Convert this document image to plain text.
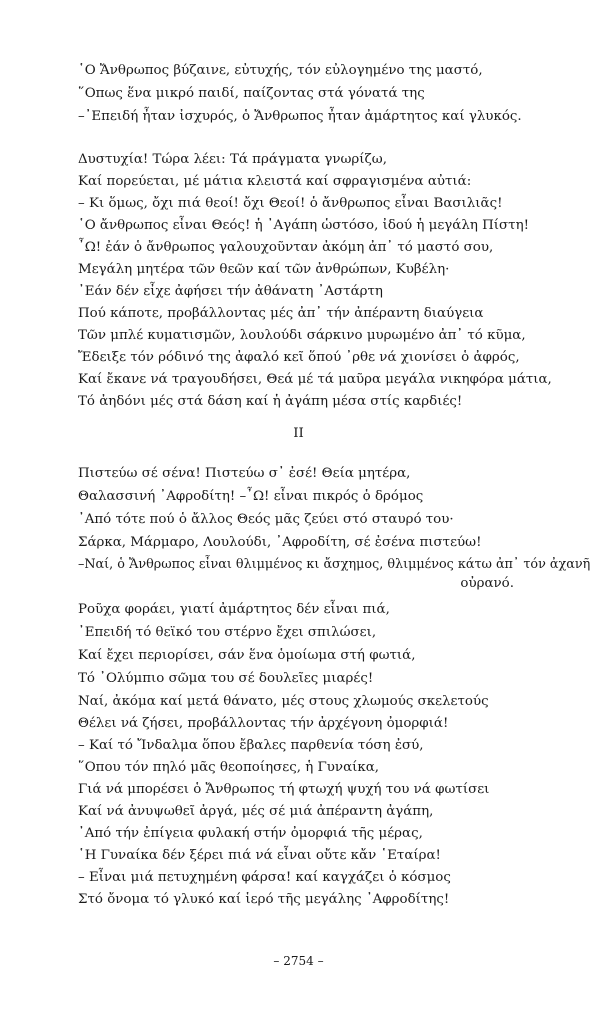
῾Ο Ἄνθρωπος βύζαινε, εὐτυχής, τόν εὐλογημένο της μαστό,
῞Οπως ἕνα μικρό παιδί, παίζοντας στά γόνατά της
–᾿Επειδή ἦταν ἰσχυρός, ὁ Ἄνθρωπος ἦταν ἀμάρτητος καί γλυκός.
Δυστυχία! Τώρα λέει: Τά πράγματα γνωρίζω,
Καί πορεύεται, μέ μάτια κλειστά καί σφραγισμένα αὐτιά:
– Κι ὅμως, ὄχι πιά θεοί! ὄχι Θεοί! ὁ ἄνθρωπος εἶναι Βασιλιᾶς!
῾Ο ἄνθρωπος εἶναι Θεός! ἡ ᾿Αγάπη ὡστόσο, ἰδού ἡ μεγάλη Πίστη!
῏Ω! ἐάν ὁ ἄνθρωπος γαλουχοῦνταν ἀκόμη ἀπ᾿ τό μαστό σου,
Μεγάλη μητέρα τῶν θεῶν καί τῶν ἀνθρώπων, Κυβέλη·
᾿Εάν δέν εἶχε ἀφήσει τήν ἀθάνατη ᾿Αστάρτη
Πού κάποτε, προβάλλοντας μές ἀπ᾿ τήν ἀπέραντη διαύγεια
Τῶν μπλέ κυματισμῶν, λουλούδι σάρκινο μυρωμένο ἀπ᾿ τό κῦμα,
Ἔδειξε τόν ρόδινό της ἀφαλό κεῖ ὅπού ᾿ρθε νά χιονίσει ὁ ἀφρός,
Καί ἔκανε νά τραγουδήσει, Θεά μέ τά μαῦρα μεγάλα νικηφόρα μάτια,
Τό ἀηδόνι μές στά δάση καί ἡ ἀγάπη μέσα στίς καρδιές!
II
Πιστεύω σέ σένα! Πιστεύω σ᾿ ἐσέ! Θεία μητέρα,
Θαλασσινή ᾿Αφροδίτη! –῏Ω! εἶναι πικρός ὁ δρόμος
᾿Από τότε πού ὁ ἄλλος Θεός μᾶς ζεύει στό σταυρό του·
Σάρκα, Μάρμαρο, Λουλούδι, ᾿Αφροδίτη, σέ ἐσένα πιστεύω!
–Ναί, ὁ Ἄνθρωπος εἶναι θλιμμένος κι ἄσχημος, θλιμμένος κάτω ἀπ᾿ τόν ἀχανῆ
οὐρανό.
Ροῦχα φοράει, γιατί ἀμάρτητος δέν εἶναι πιά,
᾿Επειδή τό θεϊκό του στέρνο ἔχει σπιλώσει,
Καί ἔχει περιορίσει, σάν ἕνα ὁμοίωμα στή φωτιά,
Τό ᾿Ολύμπιο σῶμα του σέ δουλεῖες μιαρές!
Ναί, ἀκόμα καί μετά θάνατο, μές στους χλωμούς σκελετούς
Θέλει νά ζήσει, προβάλλοντας τήν ἀρχέγονη ὀμορφιά!
– Καί τό Ἴνδαλμα ὅπου ἔβαλες παρθενία τόση ἐσύ,
῞Οπου τόν πηλό μᾶς θεοποίησες, ἡ Γυναίκα,
Γιά νά μπορέσει ὁ Ἄνθρωπος τή φτωχή ψυχή του νά φωτίσει
Καί νά ἀνυψωθεῖ ἀργά, μές σέ μιά ἀπέραντη ἀγάπη,
᾿Από τήν ἐπίγεια φυλακή στήν ὀμορφιά τῆς μέρας,
῾Η Γυναίκα δέν ξέρει πιά νά εἶναι οὔτε κἄν ῾Εταίρα!
– Εἶναι μιά πετυχημένη φάρσα! καί καγχάζει ὁ κόσμος
Στό ὄνομα τό γλυκό καί ἱερό τῆς μεγάλης ᾿Αφροδίτης!
– 2754 –
